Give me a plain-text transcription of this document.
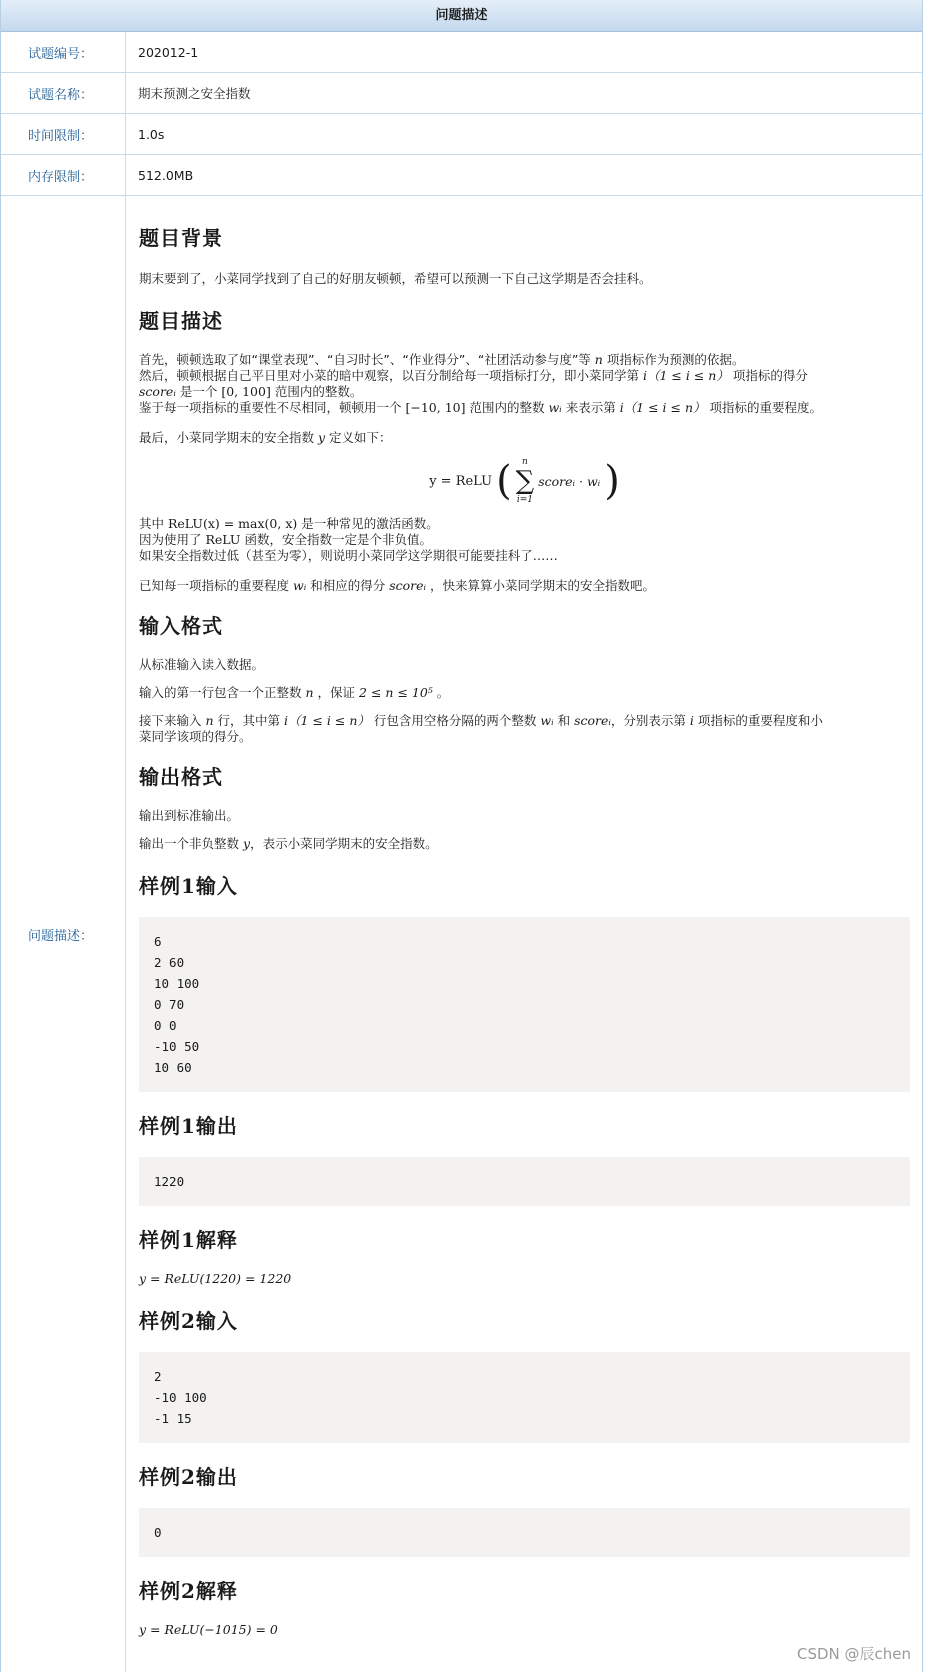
问题描述
试题编号：	202012-1
试题名称：	期末预测之安全指数
时间限制：	1.0s
内存限制：	512.0MB
问题描述：
题目背景

期末要到了，小菜同学找到了自己的好朋友顿顿，希望可以预测一下自己这学期是否会挂科。

题目描述

首先，顿顿选取了如“课堂表现”、“自习时长”、“作业得分”、“社团活动参与度”等 n 项指标作为预测的依据。

然后，顿顿根据自己平日里对小菜的暗中观察，以百分制给每一项指标打分，即小菜同学第 i（1 ≤ i ≤ n） 项指标的得分

scoreᵢ 是一个 [0, 100] 范围内的整数。

鉴于每一项指标的重要性不尽相同，顿顿用一个 [−10, 10] 范围内的整数 wᵢ 来表示第 i（1 ≤ i ≤ n） 项指标的重要程度。

最后，小菜同学期末的安全指数 y 定义如下：

y = ReLU ( n
∑
i=1
scoreᵢ · wᵢ )

其中 ReLU(x) = max(0, x) 是一种常见的激活函数。

因为使用了 ReLU 函数，安全指数一定是个非负值。

如果安全指数过低（甚至为零），则说明小菜同学这学期很可能要挂科了……

已知每一项指标的重要程度 wᵢ 和相应的得分 scoreᵢ ，快来算算小菜同学期末的安全指数吧。

输入格式

从标准输入读入数据。

输入的第一行包含一个正整数 n ，保证 2 ≤ n ≤ 10⁵ 。

接下来输入 n 行，其中第 i（1 ≤ i ≤ n） 行包含用空格分隔的两个整数 wᵢ 和 scoreᵢ，分别表示第 i 项指标的重要程度和小

菜同学该项的得分。

输出格式

输出到标准输出。

输出一个非负整数 y，表示小菜同学期末的安全指数。

样例1输入
6
2 60
10 100
0 70
0 0
-10 50
10 60
样例1输出
1220
样例1解释

y = ReLU(1220) = 1220

样例2输入
2
-10 100
-1 15
样例2输出
0
样例2解释

y = ReLU(−1015) = 0

CSDN @辰chen
